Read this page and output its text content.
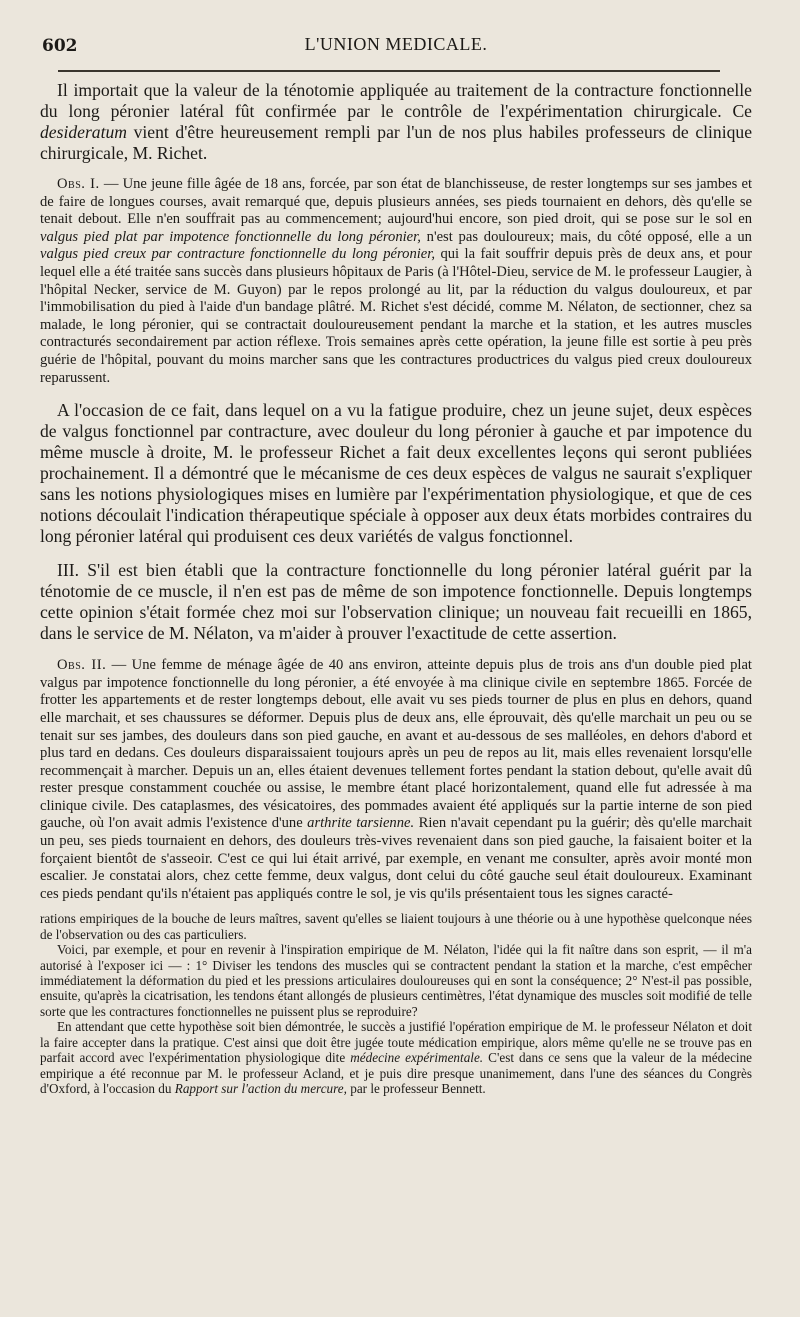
602	L'UNION MEDICALE.

Il importait que la valeur de la ténotomie appliquée au traitement de la contracture fonctionnelle du long péronier latéral fût confirmée par le contrôle de l'expérimentation chirurgicale. Ce desideratum vient d'être heureusement rempli par l'un de nos plus habiles professeurs de clinique chirurgicale, M. Richet.

Obs. I. — Une jeune fille âgée de 18 ans, forcée, par son état de blanchisseuse, de rester longtemps sur ses jambes et de faire de longues courses, avait remarqué que, depuis plusieurs années, ses pieds tournaient en dehors, dès qu'elle se tenait debout. Elle n'en souffrait pas au commencement; aujourd'hui encore, son pied droit, qui se pose sur le sol en valgus pied plat par impotence fonctionnelle du long péronier, n'est pas douloureux; mais, du côté opposé, elle a un valgus pied creux par contracture fonctionnelle du long péronier, qui la fait souffrir depuis près de deux ans, et pour lequel elle a été traitée sans succès dans plusieurs hôpitaux de Paris (à l'Hôtel-Dieu, service de M. le professeur Laugier, à l'hôpital Necker, service de M. Guyon) par le repos prolongé au lit, par la réduction du valgus douloureux, et par l'immobilisation du pied à l'aide d'un bandage plâtré. M. Richet s'est décidé, comme M. Nélaton, de sectionner, chez sa malade, le long péronier, qui se contractait douloureusement pendant la marche et la station, et les autres muscles contracturés secondairement par action réflexe. Trois semaines après cette opération, la jeune fille est sortie à peu près guérie de l'hôpital, pouvant du moins marcher sans que les contractures productrices du valgus pied creux douloureux reparussent.

A l'occasion de ce fait, dans lequel on a vu la fatigue produire, chez un jeune sujet, deux espèces de valgus fonctionnel par contracture, avec douleur du long péronier à gauche et par impotence du même muscle à droite, M. le professeur Richet a fait deux excellentes leçons qui seront publiées prochainement. Il a démontré que le mécanisme de ces deux espèces de valgus ne saurait s'expliquer sans les notions physiologiques mises en lumière par l'expérimentation physiologique, et que de ces notions découlait l'indication thérapeutique spéciale à opposer aux deux états morbides contraires du long péronier latéral qui produisent ces deux variétés de valgus fonctionnel.

III. S'il est bien établi que la contracture fonctionnelle du long péronier latéral guérit par la ténotomie de ce muscle, il n'en est pas de même de son impotence fonctionnelle. Depuis longtemps cette opinion s'était formée chez moi sur l'observation clinique; un nouveau fait recueilli en 1865, dans le service de M. Nélaton, va m'aider à prouver l'exactitude de cette assertion.

Obs. II. — Une femme de ménage âgée de 40 ans environ, atteinte depuis plus de trois ans d'un double pied plat valgus par impotence fonctionnelle du long péronier, a été envoyée à ma clinique civile en septembre 1865. Forcée de frotter les appartements et de rester longtemps debout, elle avait vu ses pieds tourner de plus en plus en dehors, quand elle marchait, et ses chaussures se déformer. Depuis plus de deux ans, elle éprouvait, dès qu'elle marchait un peu ou se tenait sur ses jambes, des douleurs dans son pied gauche, en avant et au-dessous de ses malléoles, en dehors d'abord et plus tard en dedans. Ces douleurs disparaissaient toujours après un peu de repos au lit, mais elles revenaient lorsqu'elle recommençait à marcher. Depuis un an, elles étaient devenues tellement fortes pendant la station debout, qu'elle avait dû rester presque constamment couchée ou assise, le membre étant placé horizontalement, quand elle fut adressée à ma clinique civile. Des cataplasmes, des vésicatoires, des pommades avaient été appliqués sur la partie interne de son pied gauche, où l'on avait admis l'existence d'une arthrite tarsienne. Rien n'avait cependant pu la guérir; dès qu'elle marchait un peu, ses pieds tournaient en dehors, des douleurs très-vives revenaient dans son pied gauche, la faisaient boiter et la forçaient bientôt de s'asseoir. C'est ce qui lui était arrivé, par exemple, en venant me consulter, après avoir monté mon escalier. Je constatai alors, chez cette femme, deux valgus, dont celui du côté gauche seul était douloureux. Examinant ces pieds pendant qu'ils n'étaient pas appliqués contre le sol, je vis qu'ils présentaient tous les signes caracté-

rations empiriques de la bouche de leurs maîtres, savent qu'elles se liaient toujours à une théorie ou à une hypothèse quelconque nées de l'observation ou des cas particuliers.

Voici, par exemple, et pour en revenir à l'inspiration empirique de M. Nélaton, l'idée qui la fit naître dans son esprit, — il m'a autorisé à l'exposer ici — : 1° Diviser les tendons des muscles qui se contractent pendant la station et la marche, c'est empêcher immédiatement la déformation du pied et les pressions articulaires douloureuses qui en sont la conséquence; 2° N'est-il pas possible, ensuite, qu'après la cicatrisation, les tendons étant allongés de plusieurs centimètres, l'état dynamique des muscles soit modifié de telle sorte que les contractures fonctionnelles ne puissent plus se reproduire?

En attendant que cette hypothèse soit bien démontrée, le succès a justifié l'opération empirique de M. le professeur Nélaton et doit la faire accepter dans la pratique. C'est ainsi que doit être jugée toute médication empirique, alors même qu'elle ne se trouve pas en parfait accord avec l'expérimentation physiologique dite médecine expérimentale. C'est dans ce sens que la valeur de la médecine empirique a été reconnue par M. le professeur Acland, et je puis dire presque unanimement, dans l'une des séances du Congrès d'Oxford, à l'occasion du Rapport sur l'action du mercure, par le professeur Bennett.
